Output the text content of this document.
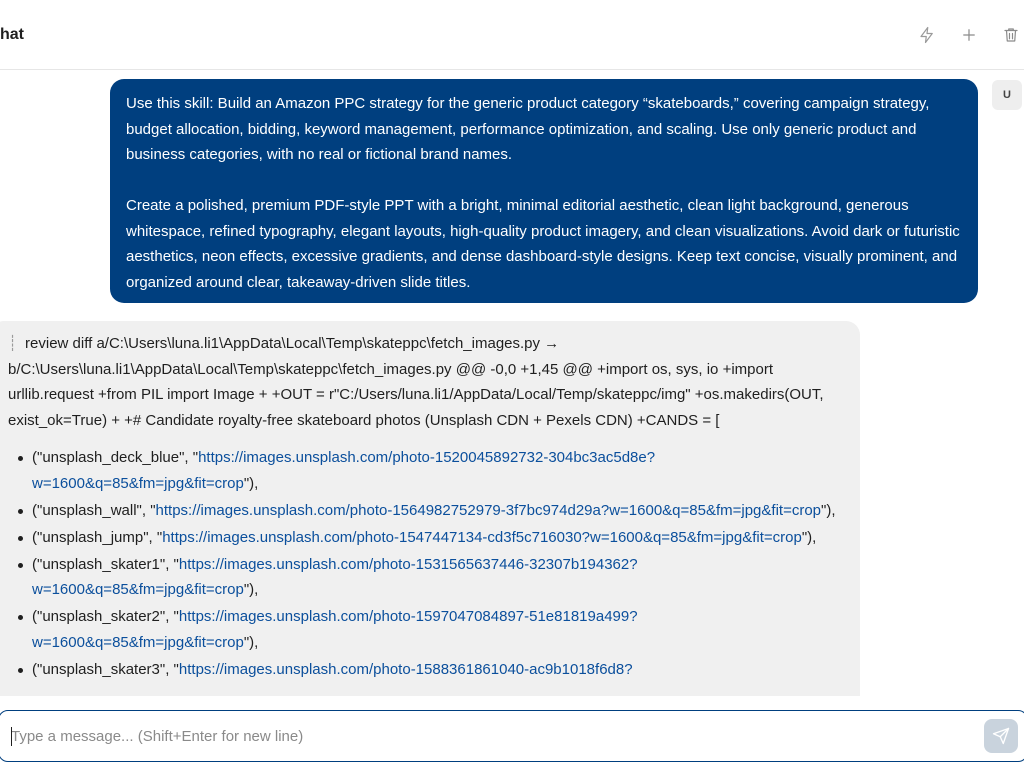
hat

Use this skill: Build an Amazon PPC strategy for the generic product category “skateboards,” covering campaign strategy, budget allocation, bidding, keyword management, performance optimization, and scaling. Use only generic product and business categories, with no real or fictional brand names.

Create a polished, premium PDF-style PPT with a bright, minimal editorial aesthetic, clean light background, generous whitespace, refined typography, elegant layouts, high-quality product imagery, and clean visualizations. Avoid dark or futuristic aesthetics, neon effects, excessive gradients, and dense dashboard-style designs. Keep text concise, visually prominent, and organized around clear, takeaway-driven slide titles.

U

┊ review diff a/C:\Users\luna.li1\AppData\Local\Temp\skateppc\fetch_images.py → b/C:\Users\luna.li1\AppData\Local\Temp\skateppc\fetch_images.py @@ -0,0 +1,45 @@ +import os, sys, io +import urllib.request +from PIL import Image + +OUT = r"C:/Users/luna.li1/AppData/Local/Temp/skateppc/img" +os.makedirs(OUT, exist_ok=True) + +# Candidate royalty-free skateboard photos (Unsplash CDN + Pexels CDN) +CANDS = [

("unsplash_deck_blue", "https://images.unsplash.com/photo-1520045892732-304bc3ac5d8e?w=1600&q=85&fm=jpg&fit=crop"),
("unsplash_wall", "https://images.unsplash.com/photo-1564982752979-3f7bc974d29a?w=1600&q=85&fm=jpg&fit=crop"),
("unsplash_jump", "https://images.unsplash.com/photo-1547447134-cd3f5c716030?w=1600&q=85&fm=jpg&fit=crop"),
("unsplash_skater1", "https://images.unsplash.com/photo-1531565637446-32307b194362?w=1600&q=85&fm=jpg&fit=crop"),
("unsplash_skater2", "https://images.unsplash.com/photo-1597047084897-51e81819a499?w=1600&q=85&fm=jpg&fit=crop"),
("unsplash_skater3", "https://images.unsplash.com/photo-1588361861040-ac9b1018f6d8?
Type a message... (Shift+Enter for new line)
